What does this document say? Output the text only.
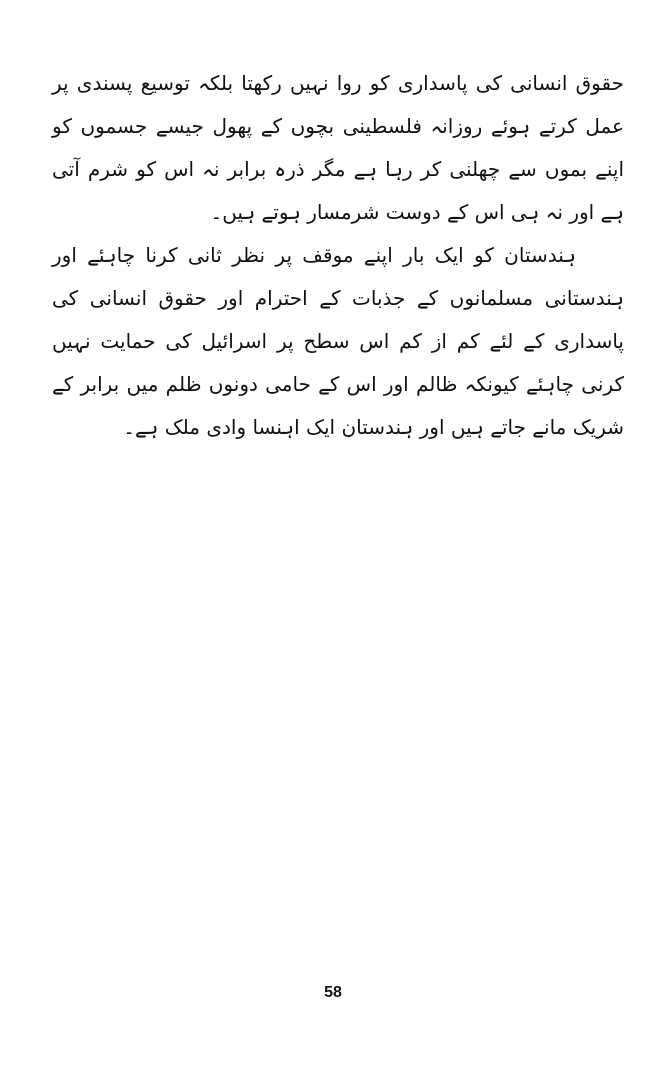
حقوق انسانی کی پاسداری کو روا نہیں رکھتا بلکہ توسیع پسندی پر عمل کرتے ہوئے روزانہ فلسطینی بچوں کے پھول جیسے جسموں کو اپنے بموں سے چھلنی کر رہا ہے مگر ذرہ برابر نہ اس کو شرم آتی ہے اور نہ ہی اس کے دوست شرمسار ہوتے ہیں۔

ہندستان کو ایک بار اپنے موقف پر نظر ثانی کرنا چاہئے اور ہندستانی مسلمانوں کے جذبات کے احترام اور حقوق انسانی کی پاسداری کے لئے کم از کم اس سطح پر اسرائیل کی حمایت نہیں کرنی چاہئے کیونکہ ظالم اور اس کے حامی دونوں ظلم میں برابر کے شریک مانے جاتے ہیں اور ہندستان ایک اہنسا وادی ملک ہے۔

58
